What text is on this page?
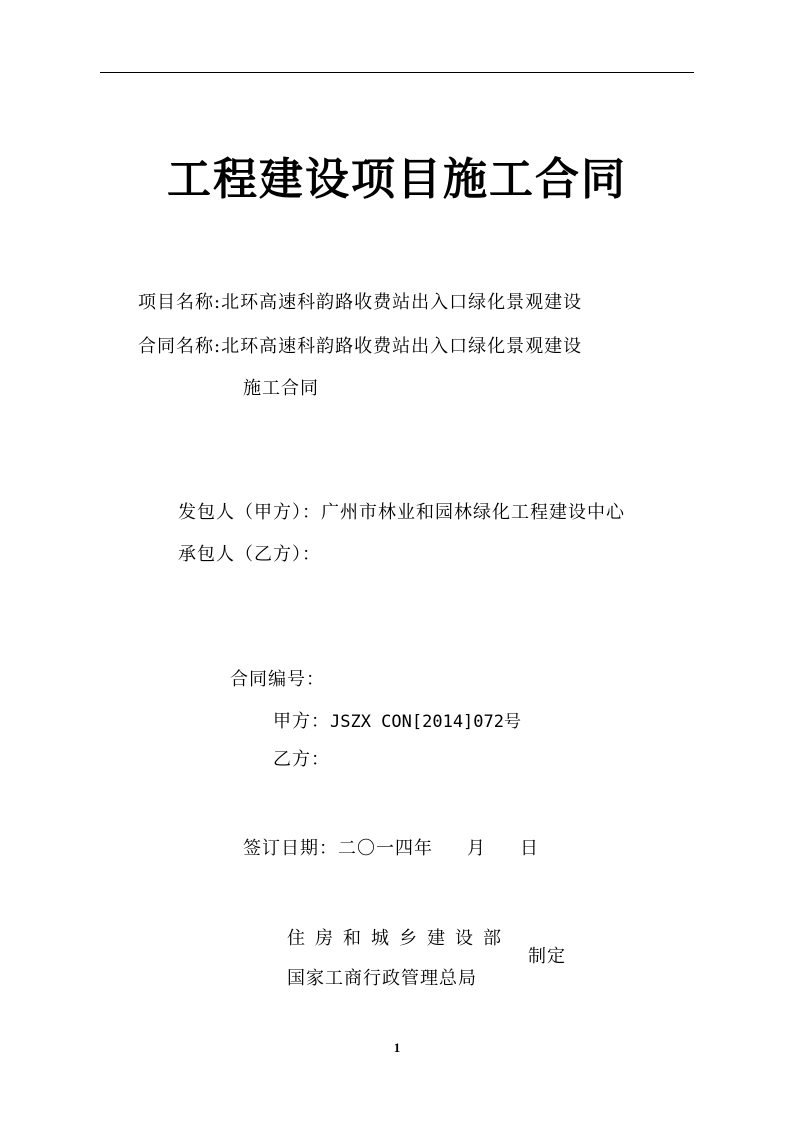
工程建设项目施工合同
项目名称:北环高速科韵路收费站出入口绿化景观建设
合同名称:北环高速科韵路收费站出入口绿化景观建设
施工合同
发包人（甲方）：广州市林业和园林绿化工程建设中心
承包人（乙方）：
合同编号：
甲方：JSZX CON[2014]072号
乙方：
签订日期：二〇一四年 月 日
住房和城乡建设部
国家工商行政管理总局
制定
1
